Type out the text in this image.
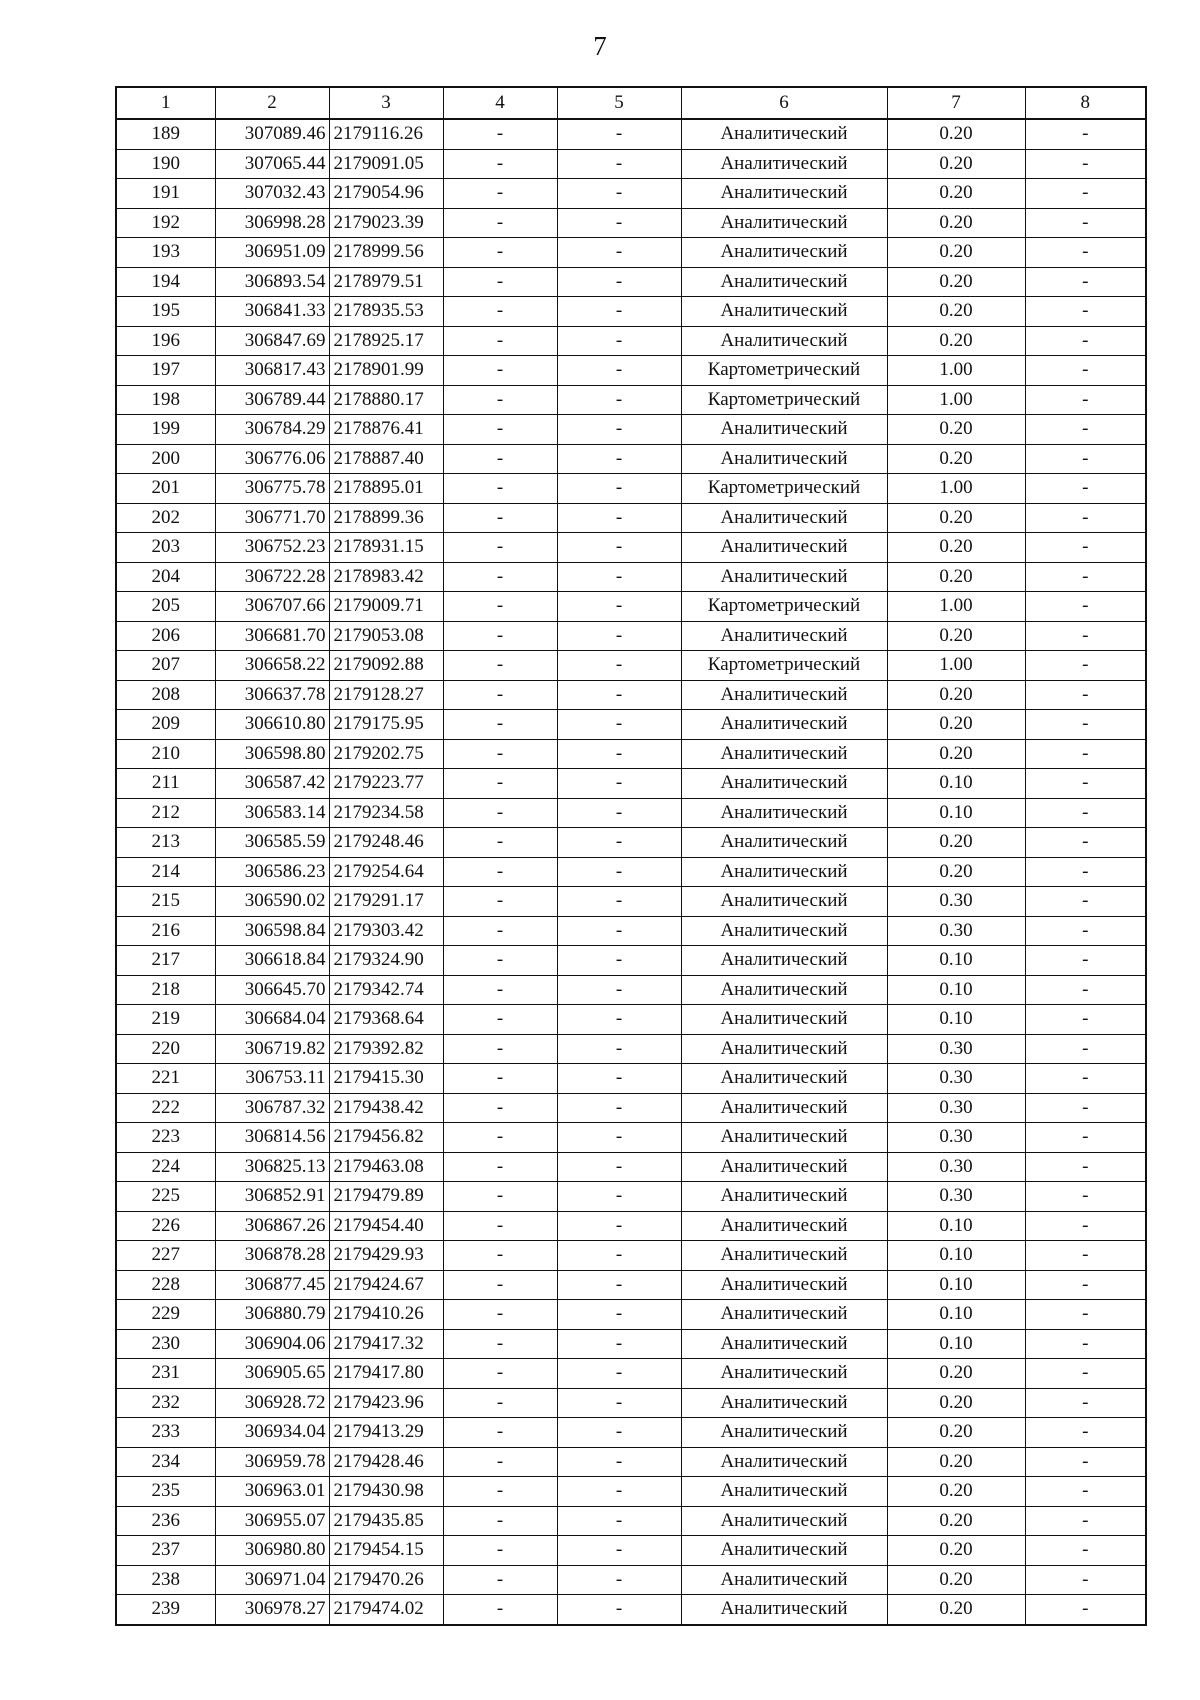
7
1	2	3	4	5	6	7	8
189	307089.46	2179116.26	-	-	Аналитический	0.20	-
190	307065.44	2179091.05	-	-	Аналитический	0.20	-
191	307032.43	2179054.96	-	-	Аналитический	0.20	-
192	306998.28	2179023.39	-	-	Аналитический	0.20	-
193	306951.09	2178999.56	-	-	Аналитический	0.20	-
194	306893.54	2178979.51	-	-	Аналитический	0.20	-
195	306841.33	2178935.53	-	-	Аналитический	0.20	-
196	306847.69	2178925.17	-	-	Аналитический	0.20	-
197	306817.43	2178901.99	-	-	Картометрический	1.00	-
198	306789.44	2178880.17	-	-	Картометрический	1.00	-
199	306784.29	2178876.41	-	-	Аналитический	0.20	-
200	306776.06	2178887.40	-	-	Аналитический	0.20	-
201	306775.78	2178895.01	-	-	Картометрический	1.00	-
202	306771.70	2178899.36	-	-	Аналитический	0.20	-
203	306752.23	2178931.15	-	-	Аналитический	0.20	-
204	306722.28	2178983.42	-	-	Аналитический	0.20	-
205	306707.66	2179009.71	-	-	Картометрический	1.00	-
206	306681.70	2179053.08	-	-	Аналитический	0.20	-
207	306658.22	2179092.88	-	-	Картометрический	1.00	-
208	306637.78	2179128.27	-	-	Аналитический	0.20	-
209	306610.80	2179175.95	-	-	Аналитический	0.20	-
210	306598.80	2179202.75	-	-	Аналитический	0.20	-
211	306587.42	2179223.77	-	-	Аналитический	0.10	-
212	306583.14	2179234.58	-	-	Аналитический	0.10	-
213	306585.59	2179248.46	-	-	Аналитический	0.20	-
214	306586.23	2179254.64	-	-	Аналитический	0.20	-
215	306590.02	2179291.17	-	-	Аналитический	0.30	-
216	306598.84	2179303.42	-	-	Аналитический	0.30	-
217	306618.84	2179324.90	-	-	Аналитический	0.10	-
218	306645.70	2179342.74	-	-	Аналитический	0.10	-
219	306684.04	2179368.64	-	-	Аналитический	0.10	-
220	306719.82	2179392.82	-	-	Аналитический	0.30	-
221	306753.11	2179415.30	-	-	Аналитический	0.30	-
222	306787.32	2179438.42	-	-	Аналитический	0.30	-
223	306814.56	2179456.82	-	-	Аналитический	0.30	-
224	306825.13	2179463.08	-	-	Аналитический	0.30	-
225	306852.91	2179479.89	-	-	Аналитический	0.30	-
226	306867.26	2179454.40	-	-	Аналитический	0.10	-
227	306878.28	2179429.93	-	-	Аналитический	0.10	-
228	306877.45	2179424.67	-	-	Аналитический	0.10	-
229	306880.79	2179410.26	-	-	Аналитический	0.10	-
230	306904.06	2179417.32	-	-	Аналитический	0.10	-
231	306905.65	2179417.80	-	-	Аналитический	0.20	-
232	306928.72	2179423.96	-	-	Аналитический	0.20	-
233	306934.04	2179413.29	-	-	Аналитический	0.20	-
234	306959.78	2179428.46	-	-	Аналитический	0.20	-
235	306963.01	2179430.98	-	-	Аналитический	0.20	-
236	306955.07	2179435.85	-	-	Аналитический	0.20	-
237	306980.80	2179454.15	-	-	Аналитический	0.20	-
238	306971.04	2179470.26	-	-	Аналитический	0.20	-
239	306978.27	2179474.02	-	-	Аналитический	0.20	-
